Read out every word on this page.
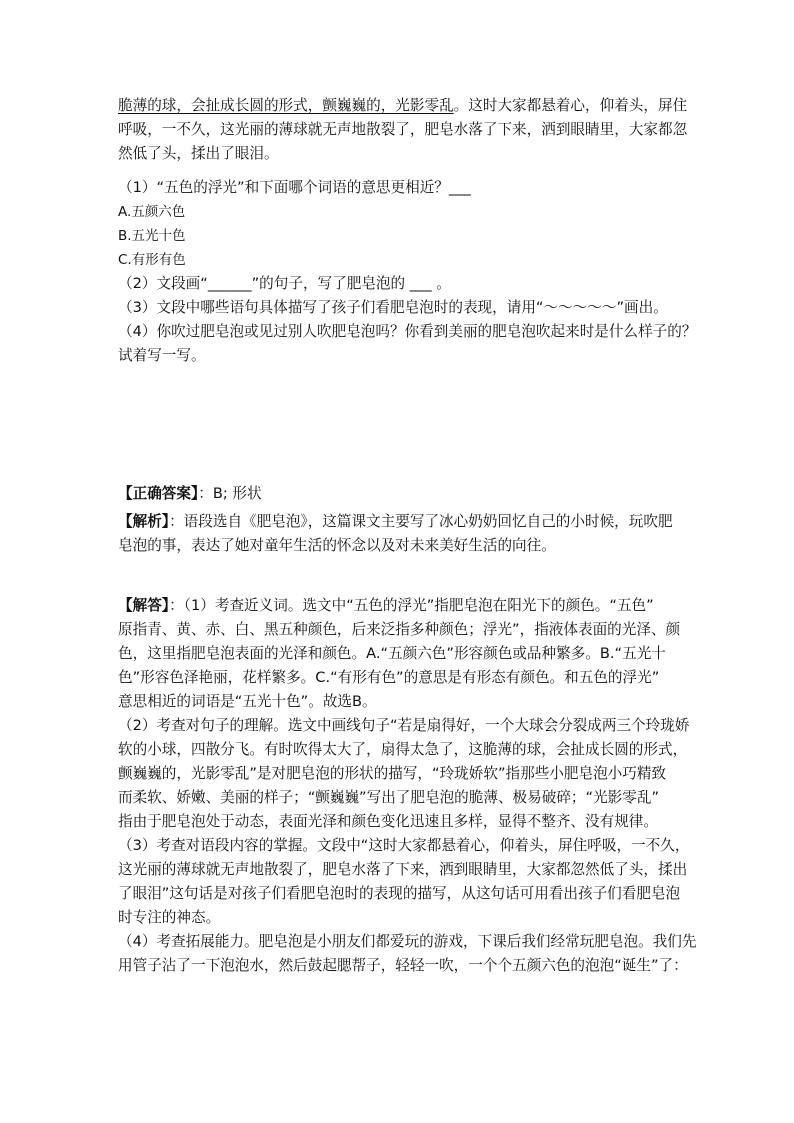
脆薄的球，会扯成长圆的形式，颤巍巍的，光影零乱。这时大家都悬着心，仰着头，屏住
呼吸，一不久，这光丽的薄球就无声地散裂了，肥皂水落了下来，洒到眼睛里，大家都忽
然低了头，揉出了眼泪。
（1）“五色的浮光”和下面哪个词语的意思更相近？___
A.五颜六色
B.五光十色
C.有形有色
（2）文段画“______”的句子，写了肥皂泡的 ___ 。
（3）文段中哪些语句具体描写了孩子们看肥皂泡时的表现，请用“～～～～～”画出。
（4）你吹过肥皂泡或见过别人吹肥皂泡吗？你看到美丽的肥皂泡吹起来时是什么样子的？
试着写一写。
【正确答案】：B; 形状
【解析】：语段选自《肥皂泡》，这篇课文主要写了冰心奶奶回忆自己的小时候，玩吹肥
皂泡的事，表达了她对童年生活的怀念以及对未来美好生活的向往。
【解答】：（1）考查近义词。选文中“五色的浮光”指肥皂泡在阳光下的颜色。“五色”
原指青、黄、赤、白、黑五种颜色，后来泛指多种颜色；浮光”，指液体表面的光泽、颜
色，这里指肥皂泡表面的光泽和颜色。A.“五颜六色”形容颜色或品种繁多。B.“五光十
色”形容色泽艳丽，花样繁多。C.“有形有色”的意思是有形态有颜色。和五色的浮光”
意思相近的词语是“五光十色”。故选B。
（2）考查对句子的理解。选文中画线句子“若是扇得好，一个大球会分裂成两三个玲珑娇
软的小球，四散分飞。有时吹得太大了，扇得太急了，这脆薄的球，会扯成长圆的形式，
颤巍巍的，光影零乱”是对肥皂泡的形状的描写，“玲珑娇软”指那些小肥皂泡小巧精致
而柔软、娇嫩、美丽的样子；“颤巍巍”写出了肥皂泡的脆薄、极易破碎；“光影零乱”
指由于肥皂泡处于动态，表面光泽和颜色变化迅速且多样，显得不整齐、没有规律。
（3）考查对语段内容的掌握。文段中“这时大家都悬着心，仰着头，屏住呼吸，一不久，
这光丽的薄球就无声地散裂了，肥皂水落了下来，洒到眼睛里，大家都忽然低了头，揉出
了眼泪”这句话是对孩子们看肥皂泡时的表现的描写，从这句话可用看出孩子们看肥皂泡
时专注的神态。
（4）考查拓展能力。肥皂泡是小朋友们都爱玩的游戏，下课后我们经常玩肥皂泡。我们先
用管子沾了一下泡泡水，然后鼓起腮帮子，轻轻一吹，一个个五颜六色的泡泡“诞生”了：
